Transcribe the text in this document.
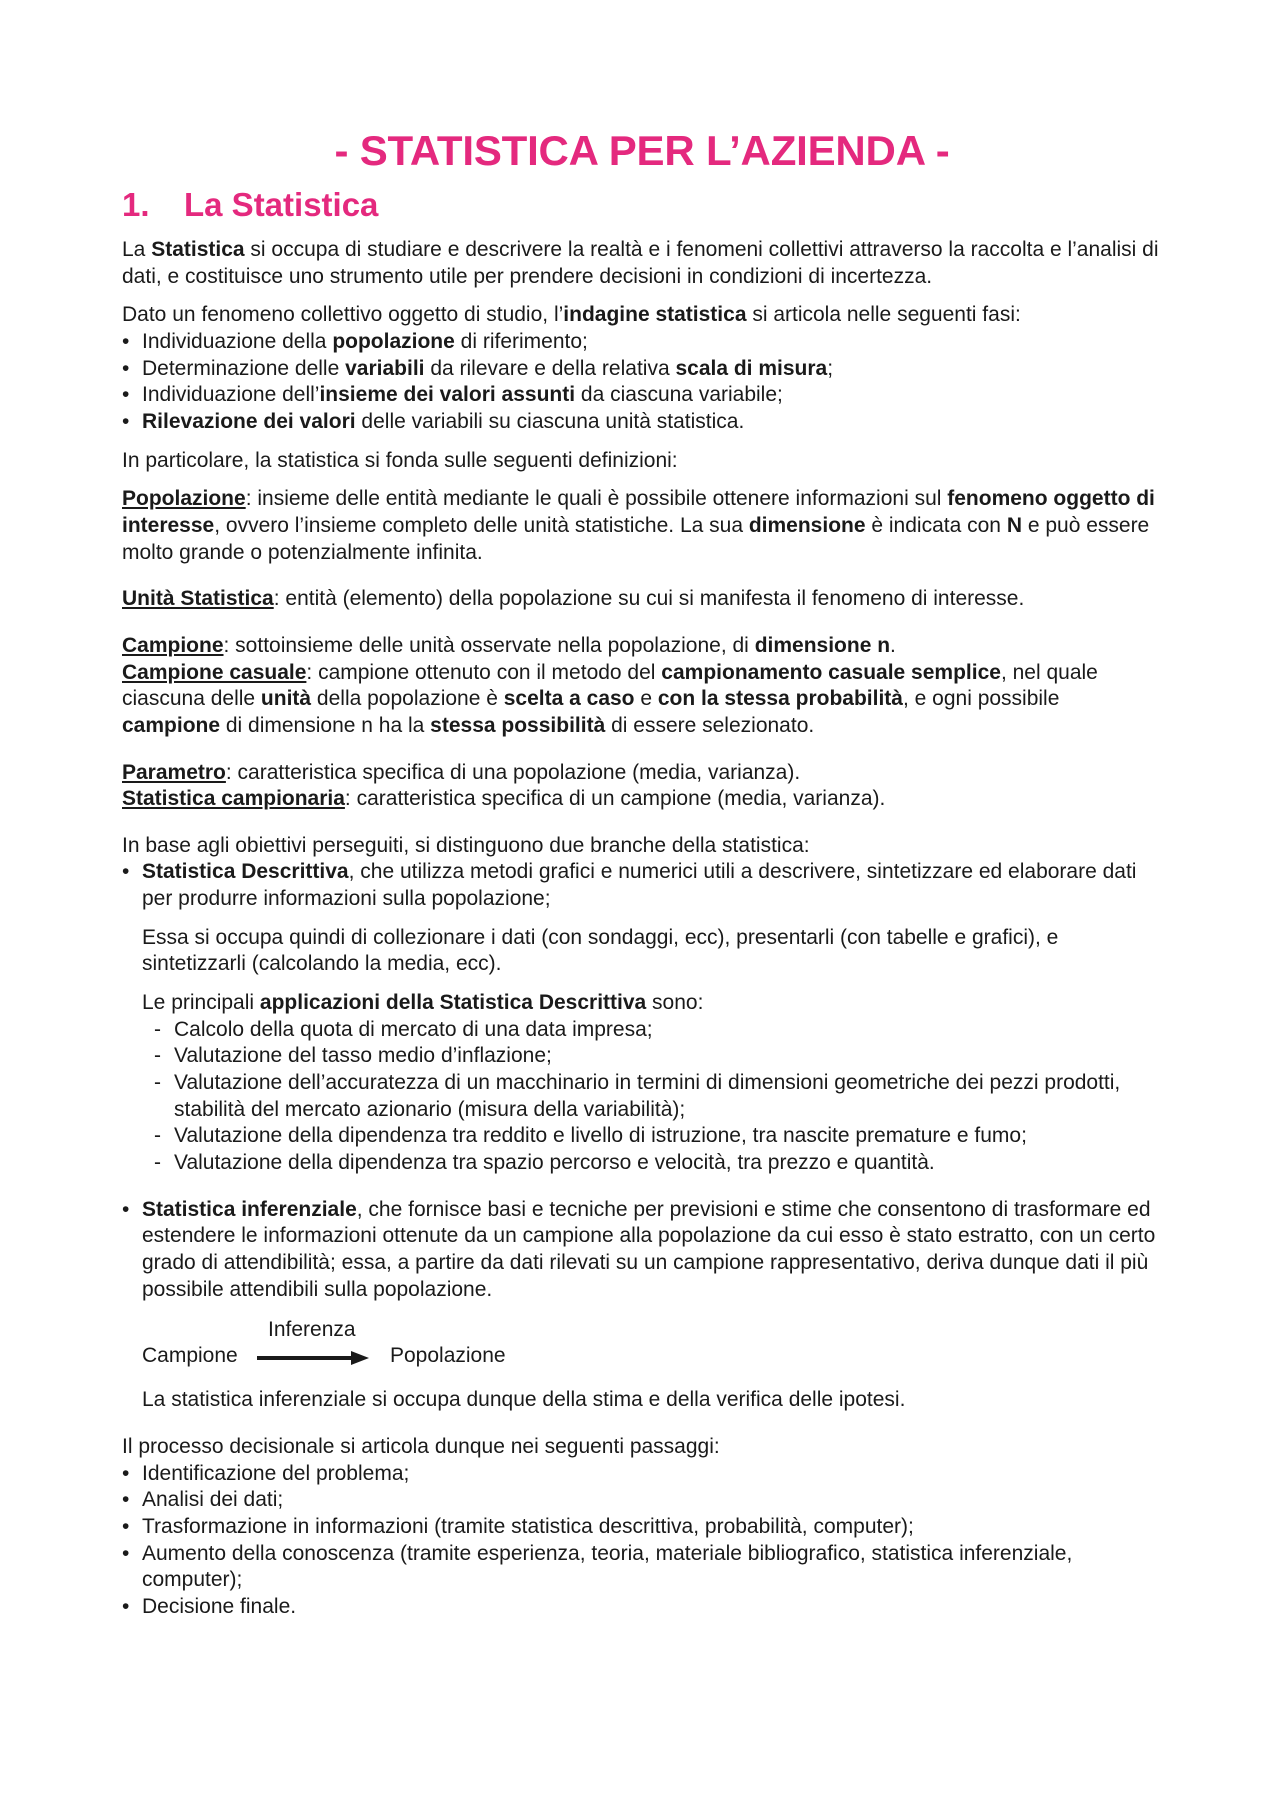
- STATISTICA PER L’AZIENDA -
1.	La Statistica

La Statistica si occupa di studiare e descrivere la realtà e i fenomeni collettivi attraverso la raccolta e l’analisi di dati, e costituisce uno strumento utile per prendere decisioni in condizioni di incertezza.

Dato un fenomeno collettivo oggetto di studio, l’indagine statistica si articola nelle seguenti fasi:

• Individuazione della popolazione di riferimento;
• Determinazione delle variabili da rilevare e della relativa scala di misura;
• Individuazione dell’insieme dei valori assunti da ciascuna variabile;
• Rilevazione dei valori delle variabili su ciascuna unità statistica.

In particolare, la statistica si fonda sulle seguenti definizioni:

Popolazione: insieme delle entità mediante le quali è possibile ottenere informazioni sul fenomeno oggetto di interesse, ovvero l’insieme completo delle unità statistiche. La sua dimensione è indicata con N e può essere molto grande o potenzialmente infinita.

Unità Statistica: entità (elemento) della popolazione su cui si manifesta il fenomeno di interesse.

Campione: sottoinsieme delle unità osservate nella popolazione, di dimensione n.

Campione casuale: campione ottenuto con il metodo del campionamento casuale semplice, nel quale ciascuna delle unità della popolazione è scelta a caso e con la stessa probabilità, e ogni possibile campione di dimensione n ha la stessa possibilità di essere selezionato.

Parametro: caratteristica specifica di una popolazione (media, varianza).

Statistica campionaria: caratteristica specifica di un campione (media, varianza).

In base agli obiettivi perseguiti, si distinguono due branche della statistica:

• Statistica Descrittiva, che utilizza metodi grafici e numerici utili a descrivere, sintetizzare ed elaborare dati per produrre informazioni sulla popolazione;

Essa si occupa quindi di collezionare i dati (con sondaggi, ecc), presentarli (con tabelle e grafici), e sintetizzarli (calcolando la media, ecc).

Le principali applicazioni della Statistica Descrittiva sono:

- Calcolo della quota di mercato di una data impresa;
- Valutazione del tasso medio d’inflazione;
- Valutazione dell’accuratezza di un macchinario in termini di dimensioni geometriche dei pezzi prodotti, stabilità del mercato azionario (misura della variabilità);
- Valutazione della dipendenza tra reddito e livello di istruzione, tra nascite premature e fumo;
- Valutazione della dipendenza tra spazio percorso e velocità, tra prezzo e quantità.

• Statistica inferenziale, che fornisce basi e tecniche per previsioni e stime che consentono di trasformare ed estendere le informazioni ottenute da un campione alla popolazione da cui esso è stato estratto, con un certo grado di attendibilità; essa, a partire da dati rilevati su un campione rappresentativo, deriva dunque dati il più possibile attendibili sulla popolazione.

Inferenza
Campione	Popolazione

La statistica inferenziale si occupa dunque della stima e della verifica delle ipotesi.

Il processo decisionale si articola dunque nei seguenti passaggi:

• Identificazione del problema;
• Analisi dei dati;
• Trasformazione in informazioni (tramite statistica descrittiva, probabilità, computer);
• Aumento della conoscenza (tramite esperienza, teoria, materiale bibliografico, statistica inferenziale, computer);
• Decisione finale.
